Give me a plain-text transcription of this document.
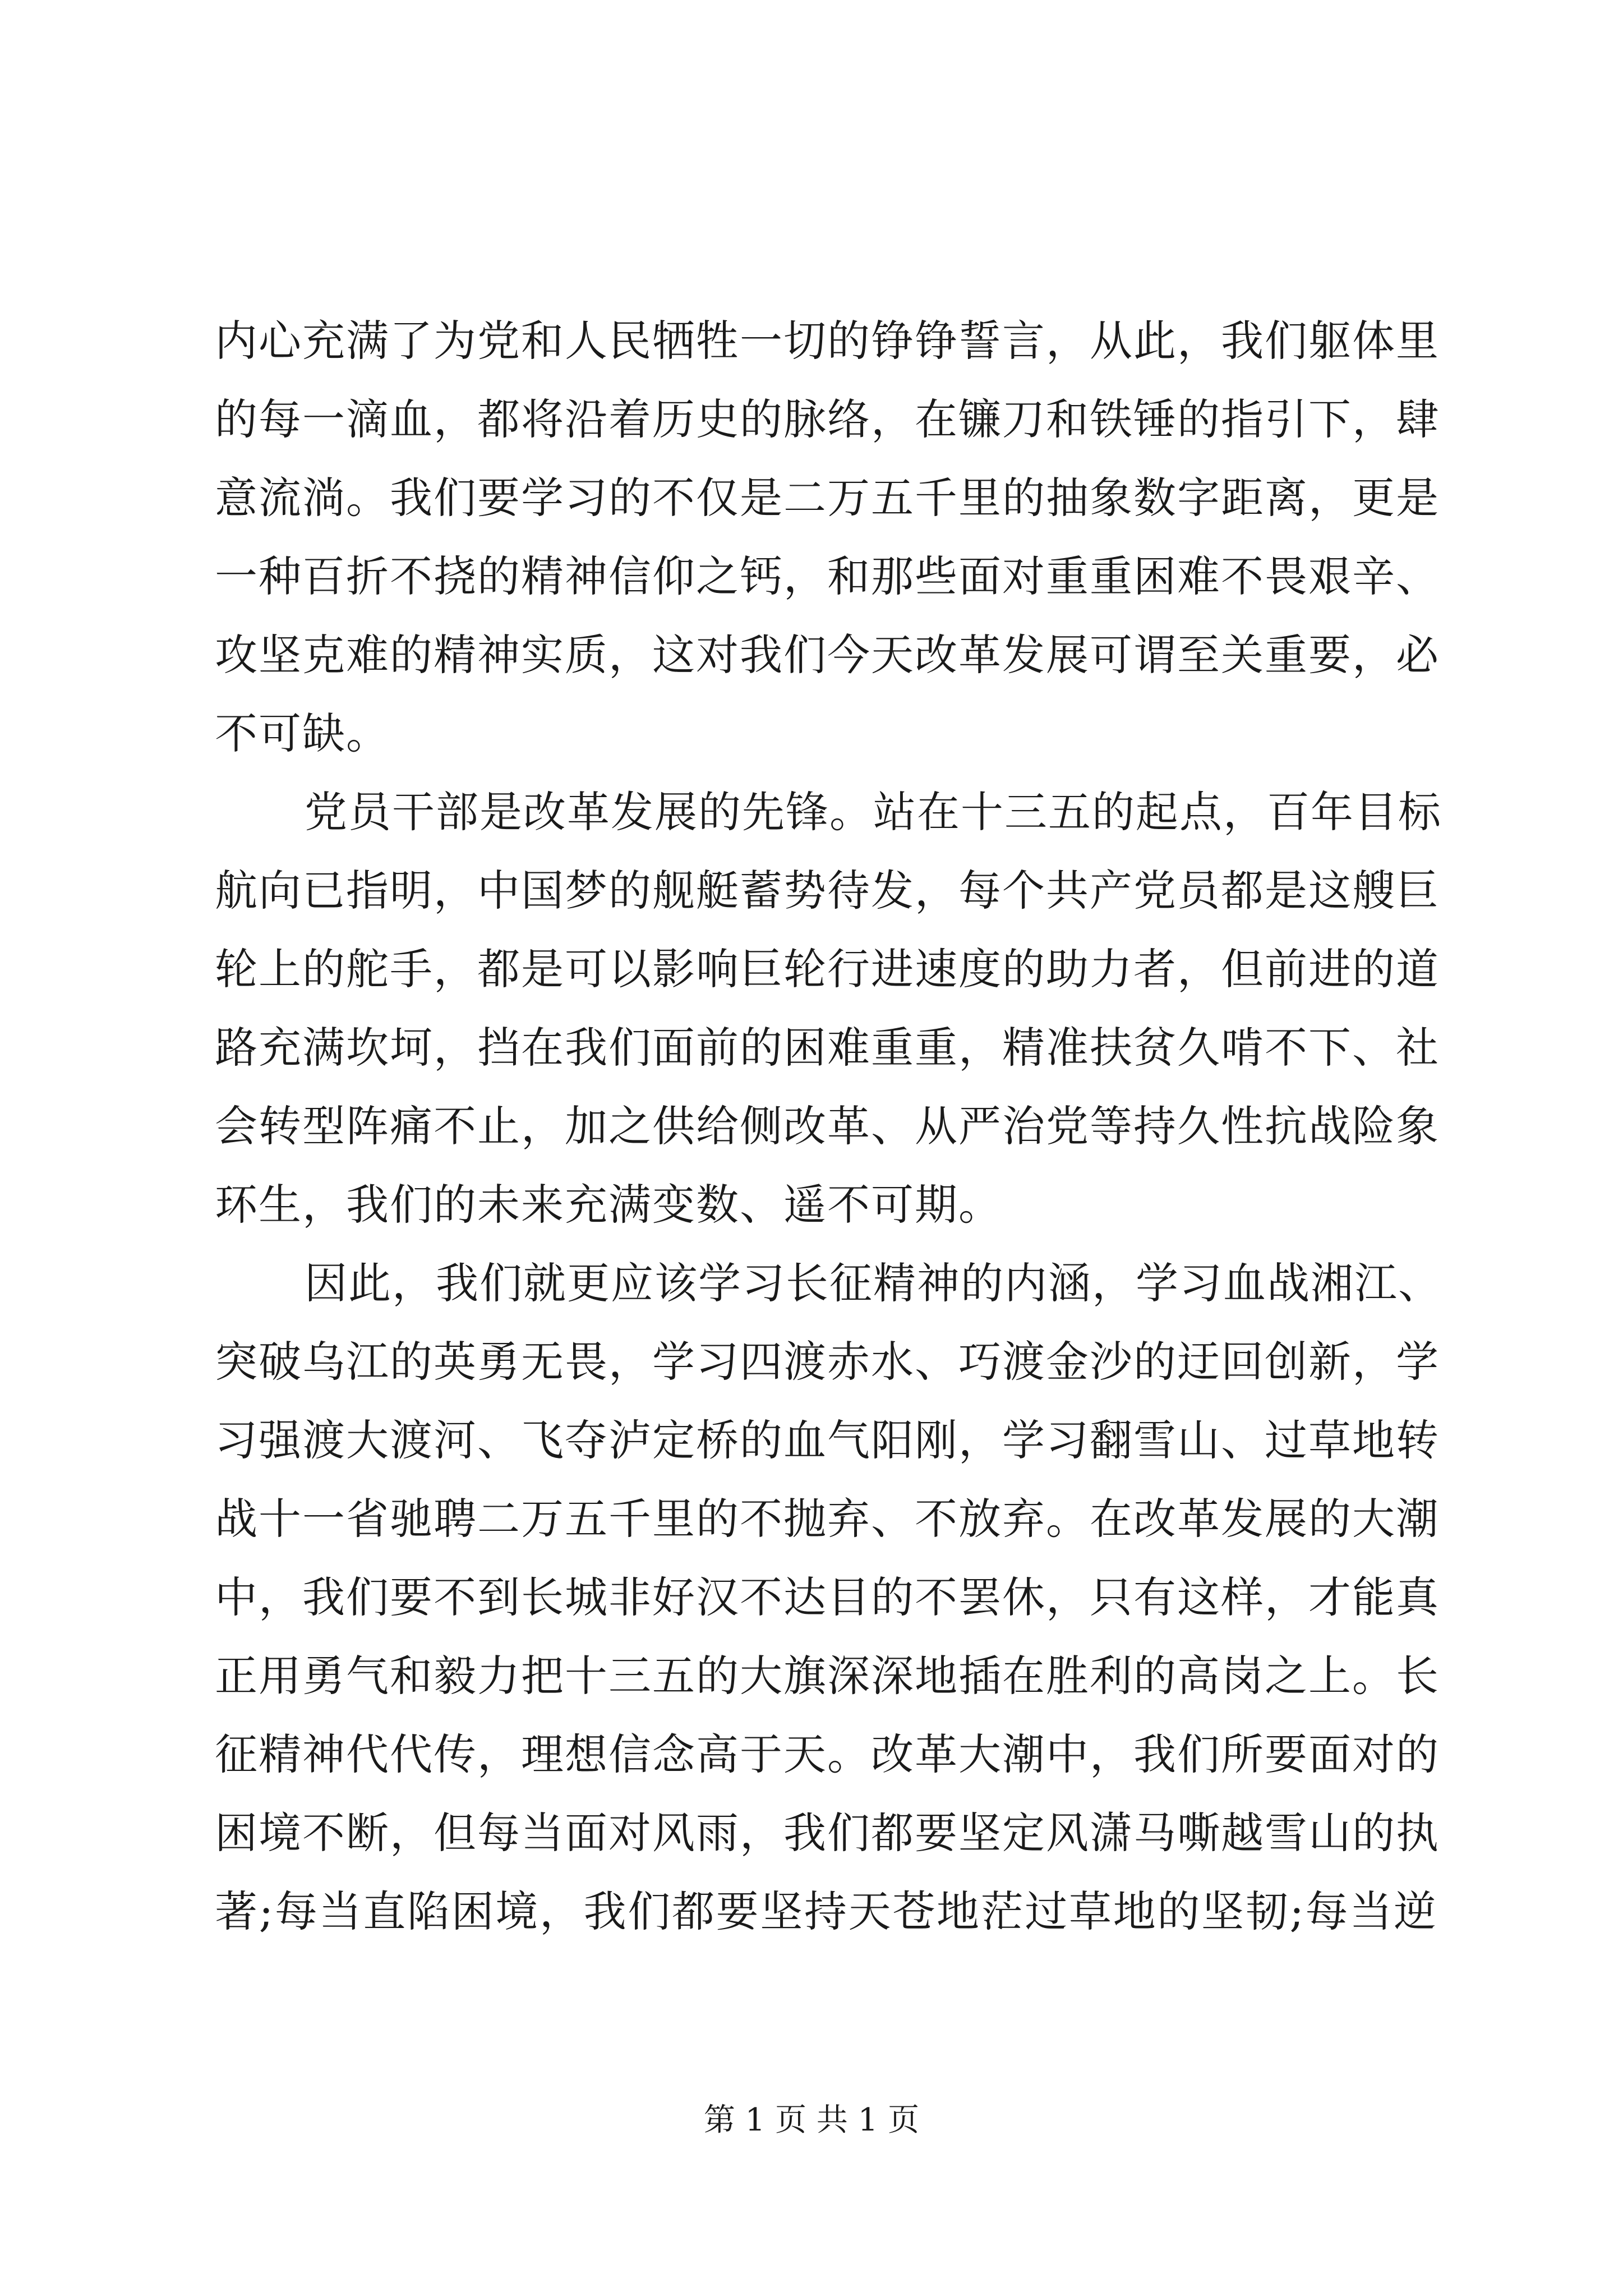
内心充满了为党和人民牺牲一切的铮铮誓言，从此，我们躯体里
的每一滴血，都将沿着历史的脉络，在镰刀和铁锤的指引下，肆
意流淌。我们要学习的不仅是二万五千里的抽象数字距离，更是
一种百折不挠的精神信仰之钙，和那些面对重重困难不畏艰辛、
攻坚克难的精神实质，这对我们今天改革发展可谓至关重要，必
不可缺。
党员干部是改革发展的先锋。站在十三五的起点，百年目标
航向已指明，中国梦的舰艇蓄势待发，每个共产党员都是这艘巨
轮上的舵手，都是可以影响巨轮行进速度的助力者，但前进的道
路充满坎坷，挡在我们面前的困难重重，精准扶贫久啃不下、社
会转型阵痛不止，加之供给侧改革、从严治党等持久性抗战险象
环生，我们的未来充满变数、遥不可期。
因此，我们就更应该学习长征精神的内涵，学习血战湘江、
突破乌江的英勇无畏，学习四渡赤水、巧渡金沙的迂回创新，学
习强渡大渡河、飞夺泸定桥的血气阳刚，学习翻雪山、过草地转
战十一省驰聘二万五千里的不抛弃、不放弃。在改革发展的大潮
中，我们要不到长城非好汉不达目的不罢休，只有这样，才能真
正用勇气和毅力把十三五的大旗深深地插在胜利的高岗之上。长
征精神代代传，理想信念高于天。改革大潮中，我们所要面对的
困境不断，但每当面对风雨，我们都要坚定风潇马嘶越雪山的执
著;每当直陷困境，我们都要坚持天苍地茫过草地的坚韧;每当逆
第 1 页 共 1 页
